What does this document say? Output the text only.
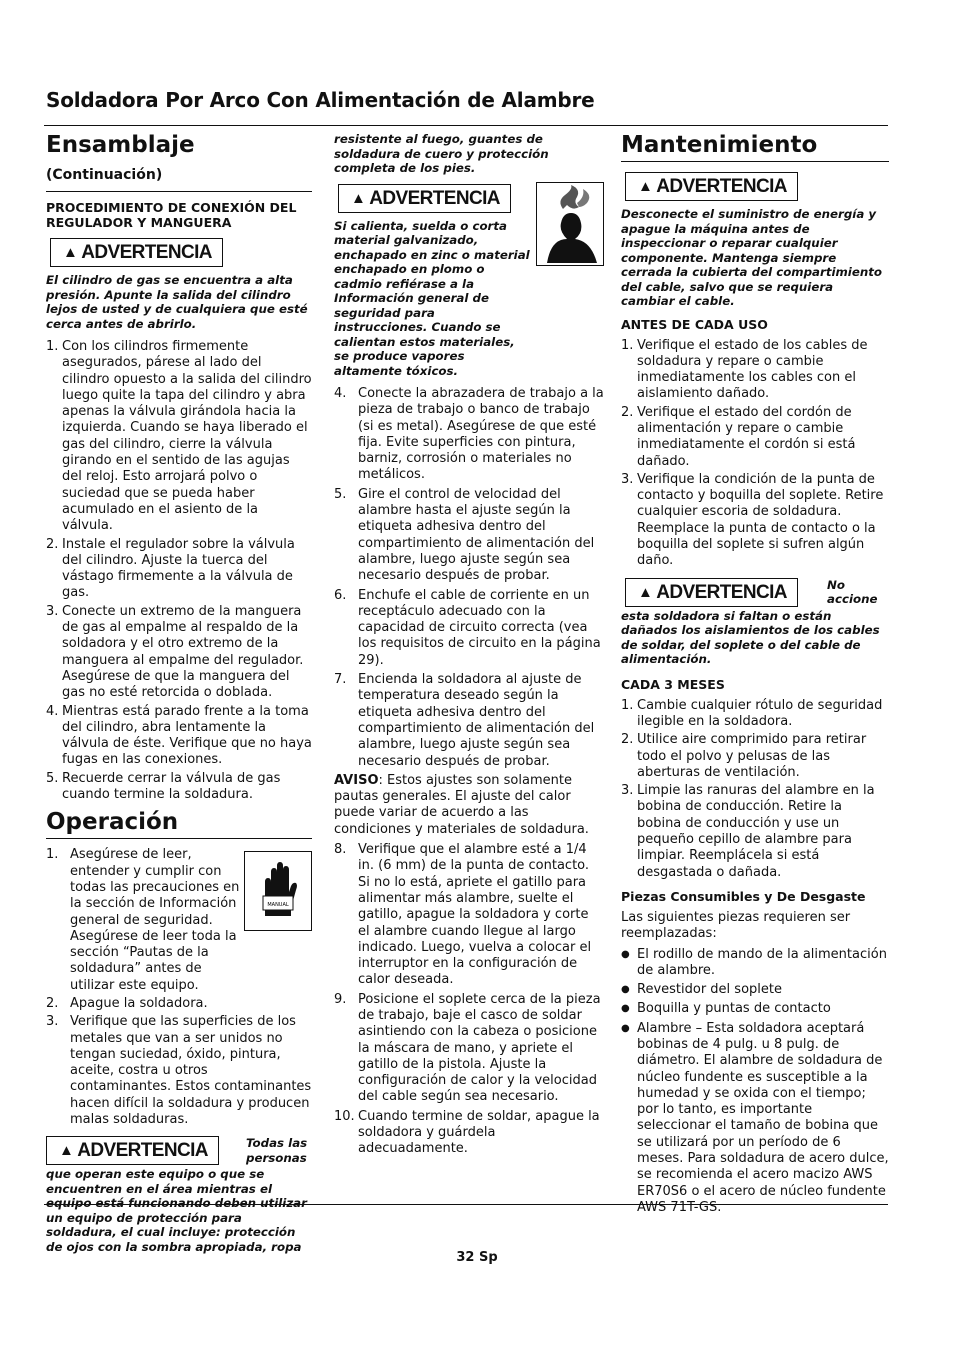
Soldadora Por Arco Con Alimentación de Alambre
Ensamblaje (Continuación)
PROCEDIMIENTO DE CONEXIÓN DEL REGULADOR Y MANGUERA
▲ ADVERTENCIA
El cilindro de gas se encuentra a alta presión. Apunte la salida del cilindro lejos de usted y de cualquiera que esté cerca antes de abrirlo.
1. Con los cilindros firmemente asegurados, párese al lado del cilindro opuesto a la salida del cilindro luego quite la tapa del cilindro y abra apenas la válvula girándola hacia la izquierda. Cuando se haya liberado el gas del cilindro, cierre la válvula girando en el sentido de las agujas del reloj. Esto arrojará polvo o suciedad que se pueda haber acumulado en el asiento de la válvula.
2. Instale el regulador sobre la válvula del cilindro. Ajuste la tuerca del vástago firmemente a la válvula de gas.
3. Conecte un extremo de la manguera de gas al empalme al respaldo de la soldadora y el otro extremo de la manguera al empalme del regulador. Asegúrese de que la manguera del gas no esté retorcida o doblada.
4. Mientras está parado frente a la toma del cilindro, abra lentamente la válvula de éste. Verifique que no haya fugas en las conexiones.
5. Recuerde cerrar la válvula de gas cuando termine la soldadura.
Operación
MANUAL
1. Asegúrese de leer, entender y cumplir con todas las precauciones en la sección de Información general de seguridad. Asegúrese de leer toda la sección “Pautas de la soldadura” antes de utilizar este equipo.
2. Apague la soldadora.
3. Verifique que las superficies de los metales que van a ser unidos no tengan suciedad, óxido, pintura, aceite, costra u otros contaminantes. Estos contaminantes hacen difícil la soldadura y producen malas soldaduras.
▲ ADVERTENCIA	Todas las personas
que operan este equipo o que se encuentren en el área mientras el equipo está funcionando deben utilizar un equipo de protección para soldadura, el cual incluye: protección de ojos con la sombra apropiada, ropa
resistente al fuego, guantes de soldadura de cuero y protección completa de los pies.
▲ ADVERTENCIA
Si calienta, suelda o corta material galvanizado, enchapado en zinc o material enchapado en plomo o cadmio refiérase a la Información general de seguridad para instrucciones. Cuando se calientan estos materiales, se produce vapores altamente tóxicos.
4. Conecte la abrazadera de trabajo a la pieza de trabajo o banco de trabajo (si es metal). Asegúrese de que esté fija. Evite superficies con pintura, barniz, corrosión o materiales no metálicos.
5. Gire el control de velocidad del alambre hasta el ajuste según la etiqueta adhesiva dentro del compartimiento de alimentación del alambre, luego ajuste según sea necesario después de probar.
6. Enchufe el cable de corriente en un receptáculo adecuado con la capacidad de circuito correcta (vea los requisitos de circuito en la página 29).
7. Encienda la soldadora al ajuste de temperatura deseado según la etiqueta adhesiva dentro del compartimiento de alimentación del alambre, luego ajuste según sea necesario después de probar.
AVISO: Estos ajustes son solamente pautas generales. El ajuste del calor puede variar de acuerdo a las condiciones y materiales de soldadura.
8. Verifique que el alambre esté a 1/4 in. (6 mm) de la punta de contacto. Si no lo está, apriete el gatillo para alimentar más alambre, suelte el gatillo, apague la soldadora y corte el alambre cuando llegue al largo indicado. Luego, vuelva a colocar el interruptor en la configuración de calor deseada.
9. Posicione el soplete cerca de la pieza de trabajo, baje el casco de soldar asintiendo con la cabeza o posicione la máscara de mano, y apriete el gatillo de la pistola. Ajuste la configuración de calor y la velocidad del cable según sea necesario.
10. Cuando termine de soldar, apague la soldadora y guárdela adecuadamente.
Mantenimiento
▲ ADVERTENCIA
Desconecte el suministro de energía y apague la máquina antes de inspeccionar o reparar cualquier componente. Mantenga siempre cerrada la cubierta del compartimiento del cable, salvo que se requiera cambiar el cable.
ANTES DE CADA USO
1. Verifique el estado de los cables de soldadura y repare o cambie inmediatamente los cables con el aislamiento dañado.
2. Verifique el estado del cordón de alimentación y repare o cambie inmediatamente el cordón si está dañado.
3. Verifique la condición de la punta de contacto y boquilla del soplete. Retire cualquier escoria de soldadura. Reemplace la punta de contacto o la boquilla del soplete si sufren algún daño.
▲ ADVERTENCIA	No accione
esta soldadora si faltan o están dañados los aislamientos de los cables de soldar, del soplete o del cable de alimentación.
CADA 3 MESES
1. Cambie cualquier rótulo de seguridad ilegible en la soldadora.
2. Utilice aire comprimido para retirar todo el polvo y pelusas de las aberturas de ventilación.
3. Limpie las ranuras del alambre en la bobina de conducción. Retire la bobina de conducción y use un pequeño cepillo de alambre para limpiar. Reemplácela si está desgastada o dañada.
Piezas Consumibles y De Desgaste
Las siguientes piezas requieren ser reemplazadas:
● El rodillo de mando de la alimentación de alambre.
● Revestidor del soplete
● Boquilla y puntas de contacto
● Alambre – Esta soldadora aceptará bobinas de 4 pulg. u 8 pulg. de diámetro. El alambre de soldadura de núcleo fundente es susceptible a la humedad y se oxida con el tiempo; por lo tanto, es importante seleccionar el tamaño de bobina que se utilizará por un período de 6 meses. Para soldadura de acero dulce, se recomienda el acero macizo AWS ER70S6 o el acero de núcleo fundente AWS 71T-GS.
32 Sp
